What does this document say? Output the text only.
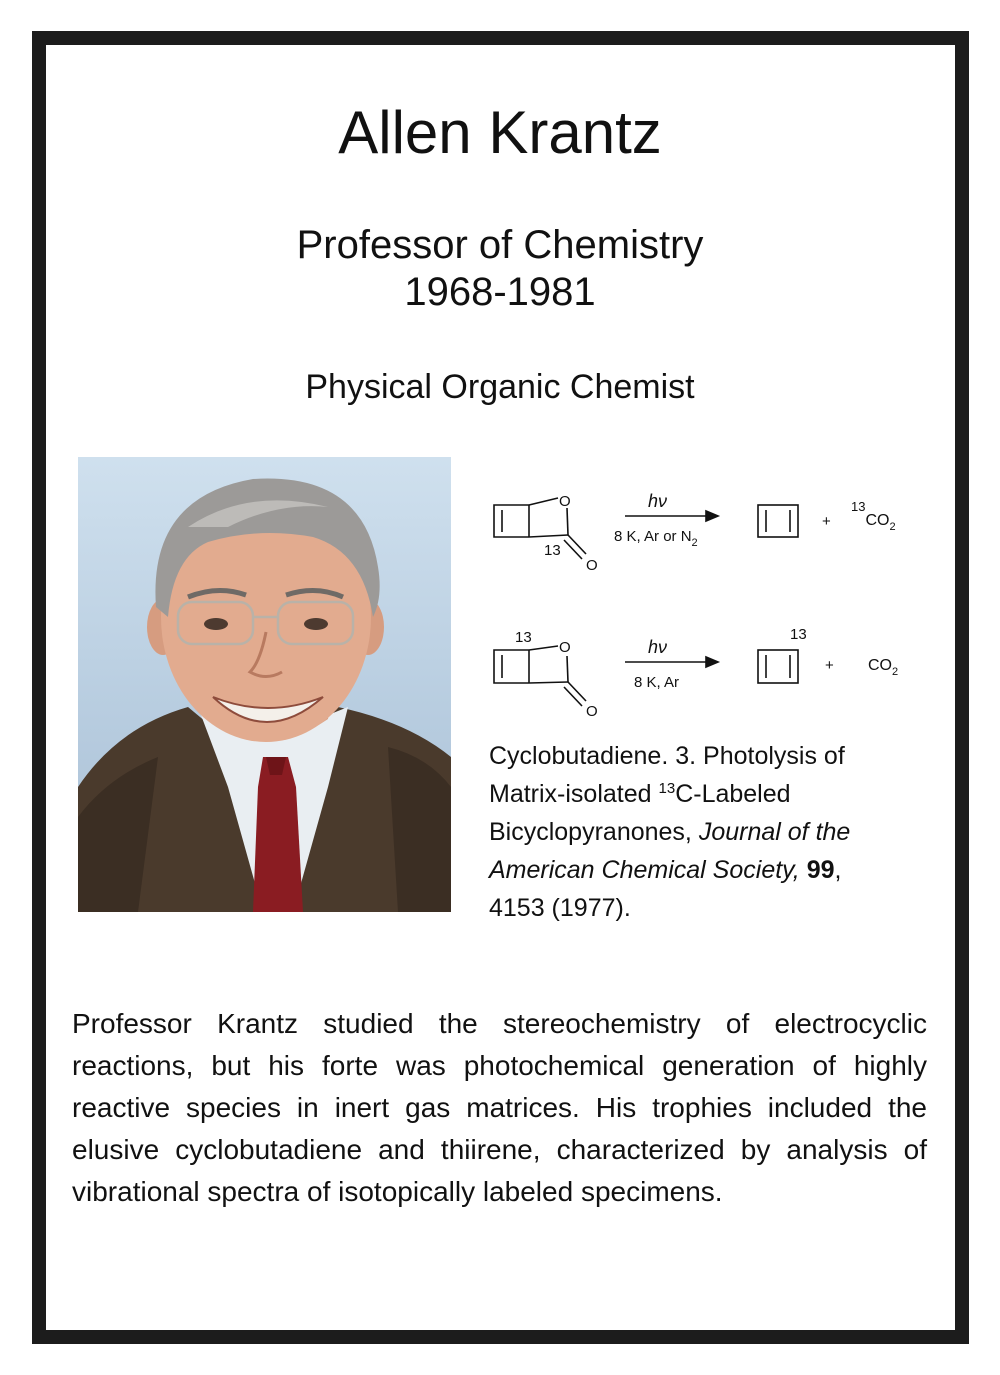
Allen Krantz
Professor of Chemistry
1968-1981
Physical Organic Chemist
O
13
O
hν
8 K, Ar or $N_2$
+
$^{13}CO_2$
13
O
O
hν
8 K, Ar
13
+ $CO_2$
Cyclobutadiene. 3. Photolysis of
Matrix-isolated $^{13}$C-Labeled
Bicyclopyranones, Journal of the
American Chemical Society, 99,
4153 (1977).
Professor Krantz studied the stereochemistry of electrocyclic reactions, but his forte was photochemical generation of highly reactive species in inert gas matrices. His trophies included the elusive cyclobutadiene and thiirene, characterized by analysis of vibrational spectra of isotopically labeled specimens.
